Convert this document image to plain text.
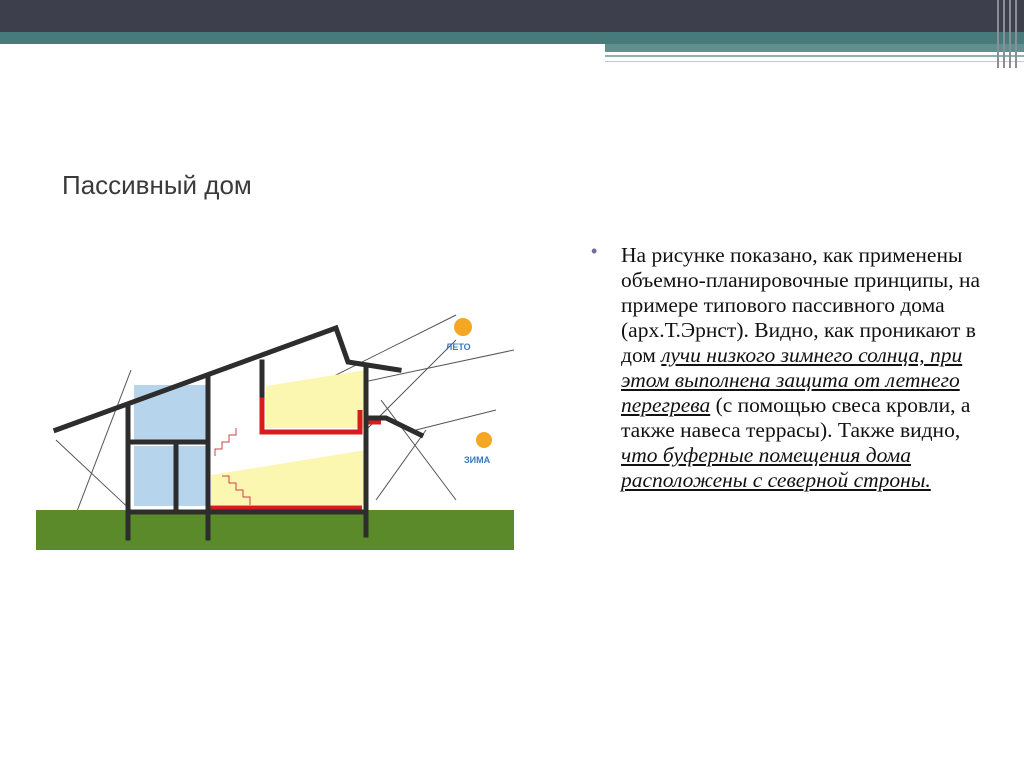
Пассивный дом
ЛЕТО
ЗИМА
•	На рисунке показано, как применены объемно-планировочные принципы, на примере типового пассивного дома (арх.Т.Эрнст). Видно, как проникают в дом лучи низкого зимнего солнца, при этом выполнена защита от летнего перегрева (с помощью свеса кровли, а также навеса террасы). Также видно, что буферные помещения дома расположены с северной строны.
